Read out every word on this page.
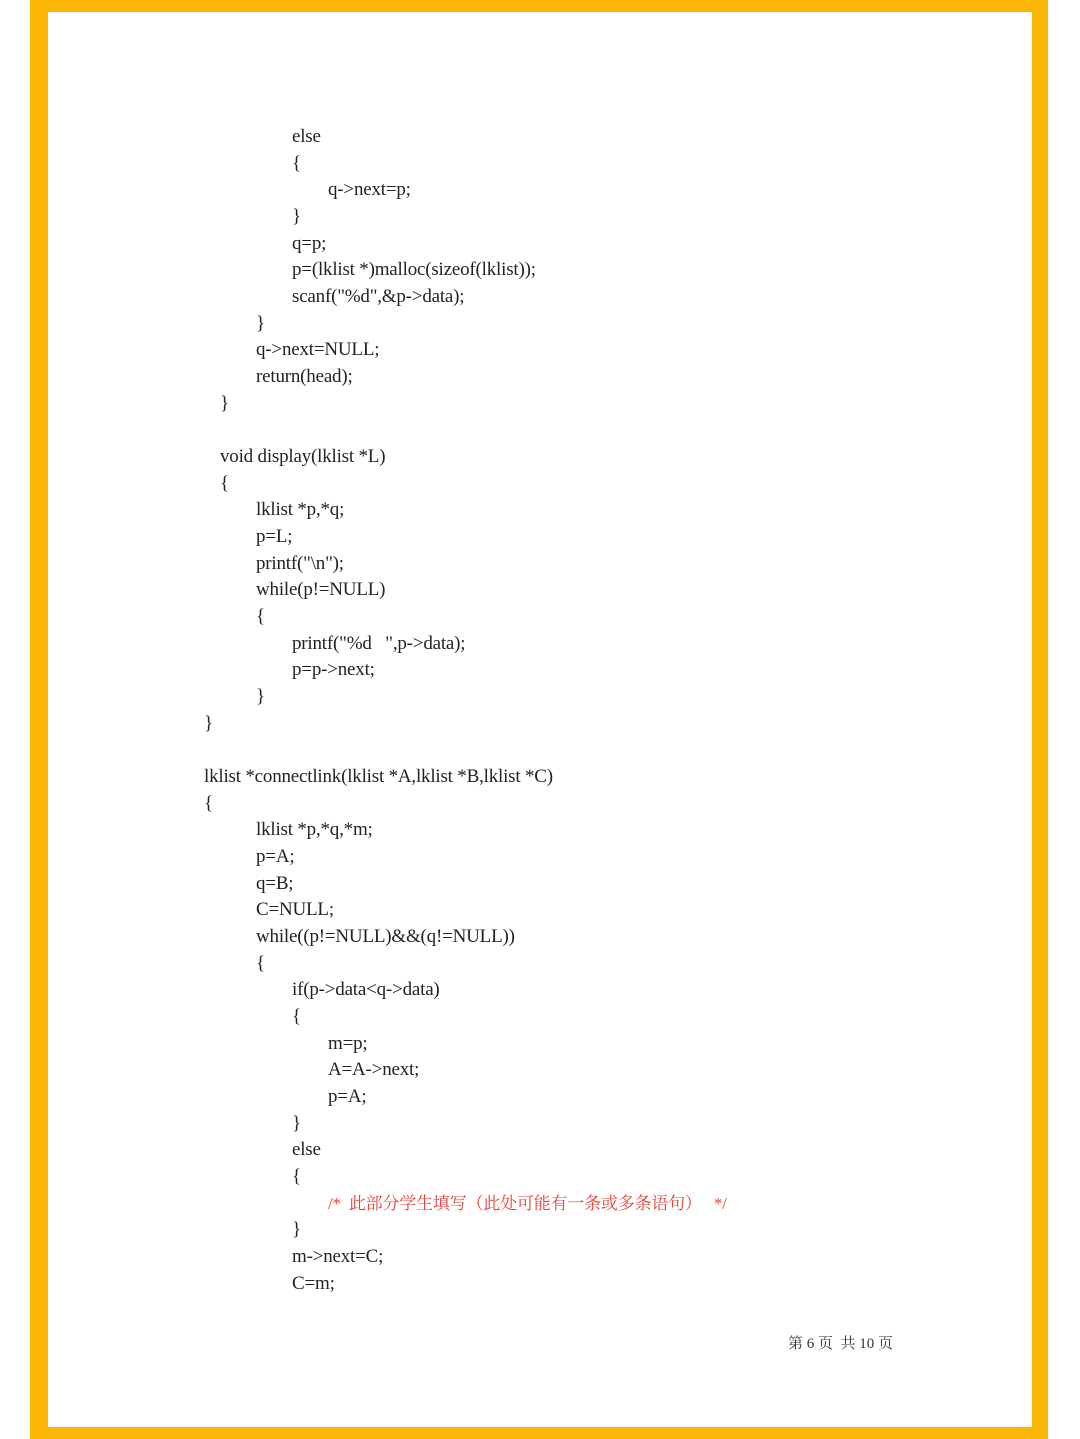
else
{
q->next=p;
}
q=p;
p=(lklist *)malloc(sizeof(lklist));
scanf("%d",&p->data);
}
q->next=NULL;
return(head);
}
void display(lklist *L)
{
lklist *p,*q;
p=L;
printf("\n");
while(p!=NULL)
{
printf("%d   ",p->data);
p=p->next;
}
}
lklist *connectlink(lklist *A,lklist *B,lklist *C)
{
lklist *p,*q,*m;
p=A;
q=B;
C=NULL;
while((p!=NULL)&&(q!=NULL))
{
if(p->data<q->data)
{
m=p;
A=A->next;
p=A;
}
else
{
/*  此部分学生填写（此处可能有一条或多条语句）   */
}
m->next=C;
C=m;
第 6 页  共 10 页
